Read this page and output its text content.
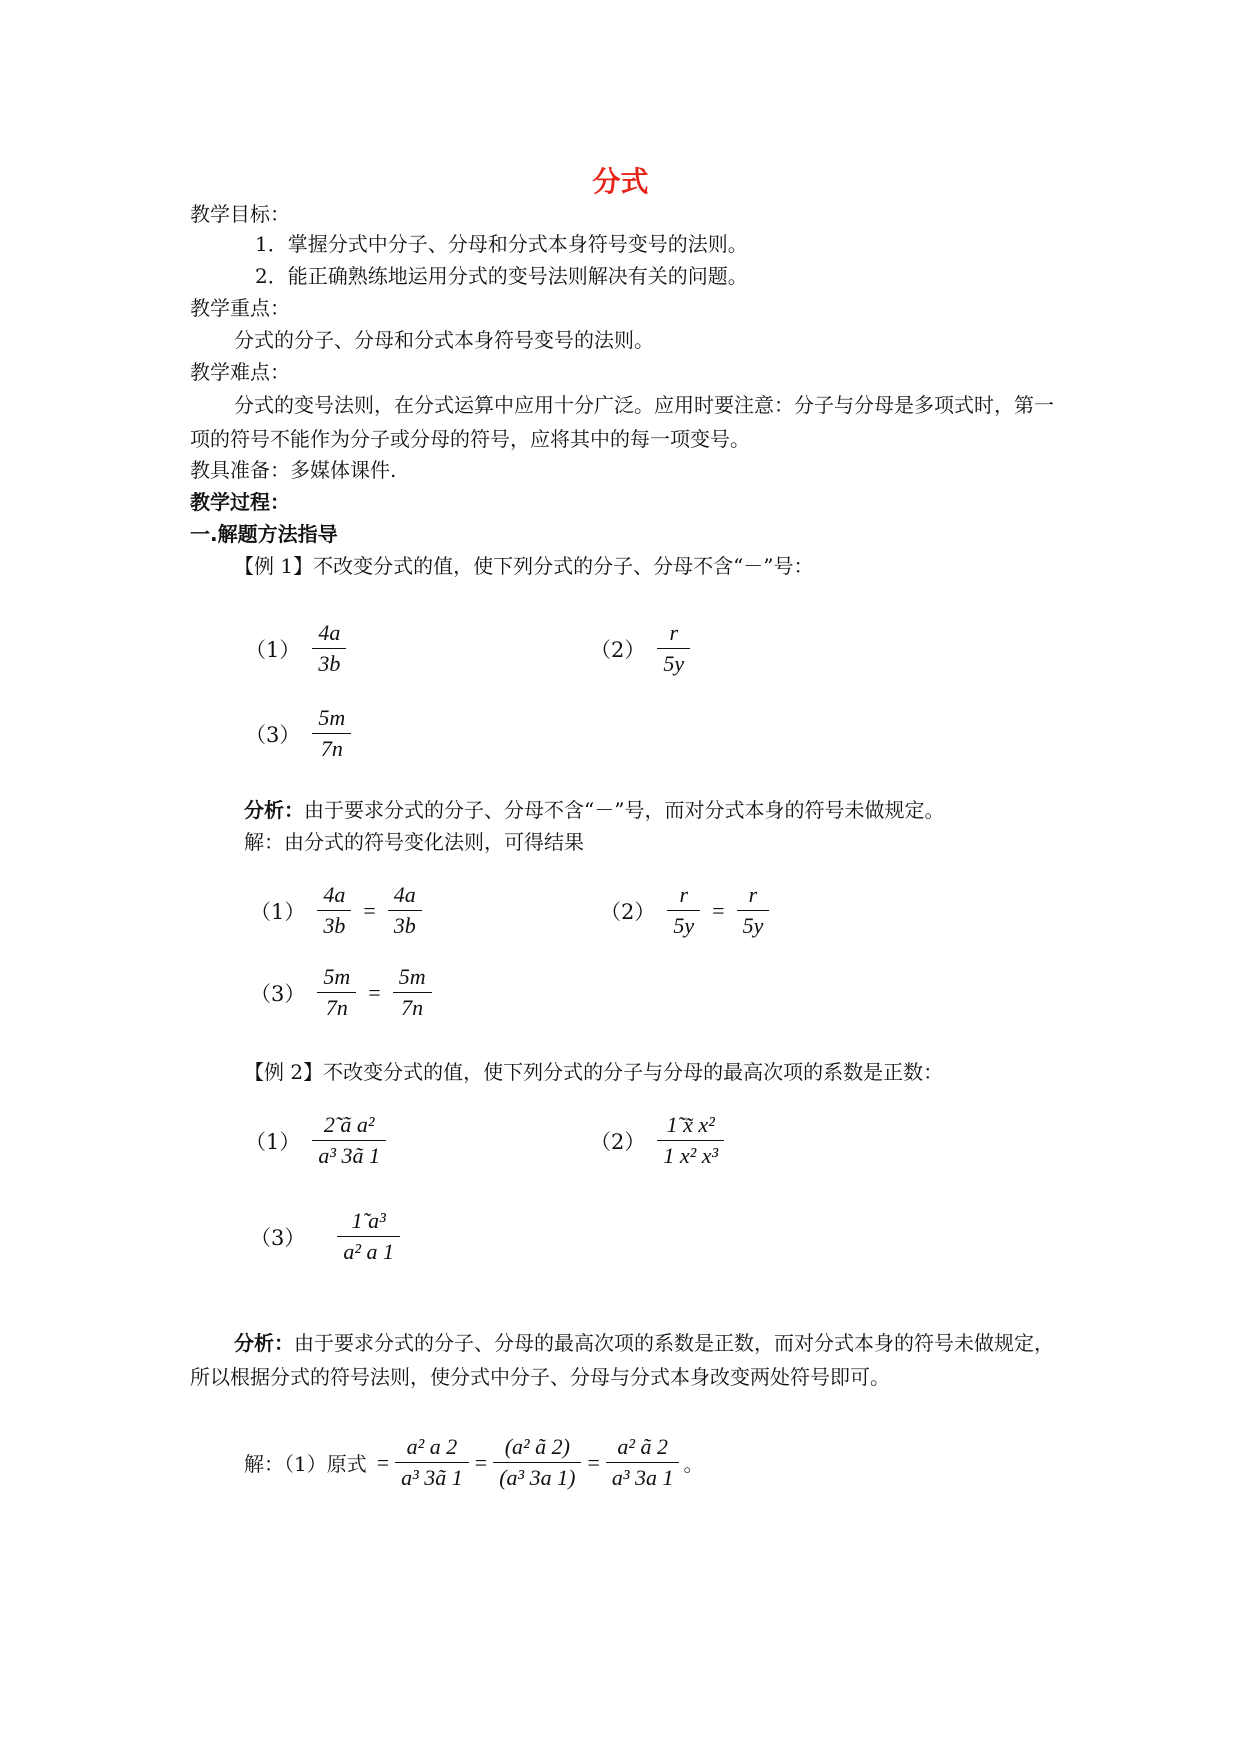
分式
教学目标：
1．掌握分式中分子、分母和分式本身符号变号的法则。
2．能正确熟练地运用分式的变号法则解决有关的问题。
教学重点：
分式的分子、分母和分式本身符号变号的法则。
教学难点：
分式的变号法则，在分式运算中应用十分广泛。应用时要注意：分子与分母是多项式时，第一项的符号不能作为分子或分母的符号，应将其中的每一项变号。
教具准备：多媒体课件.
教学过程：
一.解题方法指导
【例 1】不改变分式的值，使下列分式的分子、分母不含“－”号：
$(1) \frac{4a}{3b}$	$(2) \frac{r}{5y}$
$(3) \frac{5m}{7n}$
分析：由于要求分式的分子、分母不含“－”号，而对分式本身的符号未做规定。
解：由分式的符号变化法则，可得结果
$(1) \frac{4a}{3b} = \frac{4a}{3b}$	$(2) \frac{r}{5y} = \frac{r}{5y}$
$(3) \frac{5m}{7n} = \frac{5m}{7n}$
【例 2】不改变分式的值，使下列分式的分子与分母的最高次项的系数是正数：
$(1) \frac{\text{2̃ ã a²}}{\text{a³ 3ã 1}}$	$(2) \frac{\text{1̃ x̃ x²}}{\text{1 x² x³}}$
$(3) \frac{\text{1̃ a³}}{\text{a² a 1}}$
分析：由于要求分式的分子、分母的最高次项的系数是正数，而对分式本身的符号未做规定，所以根据分式的符号法则，使分式中分子、分母与分式本身改变两处符号即可。
解：（1）原式 = $\frac{\text{a² a 2}}{\text{a³ 3ã 1}} = \frac{\text{(a² ã 2)}}{\text{(a³ 3a 1)}} = \frac{\text{a² ã 2}}{\text{a³ 3a 1}}$ 。
